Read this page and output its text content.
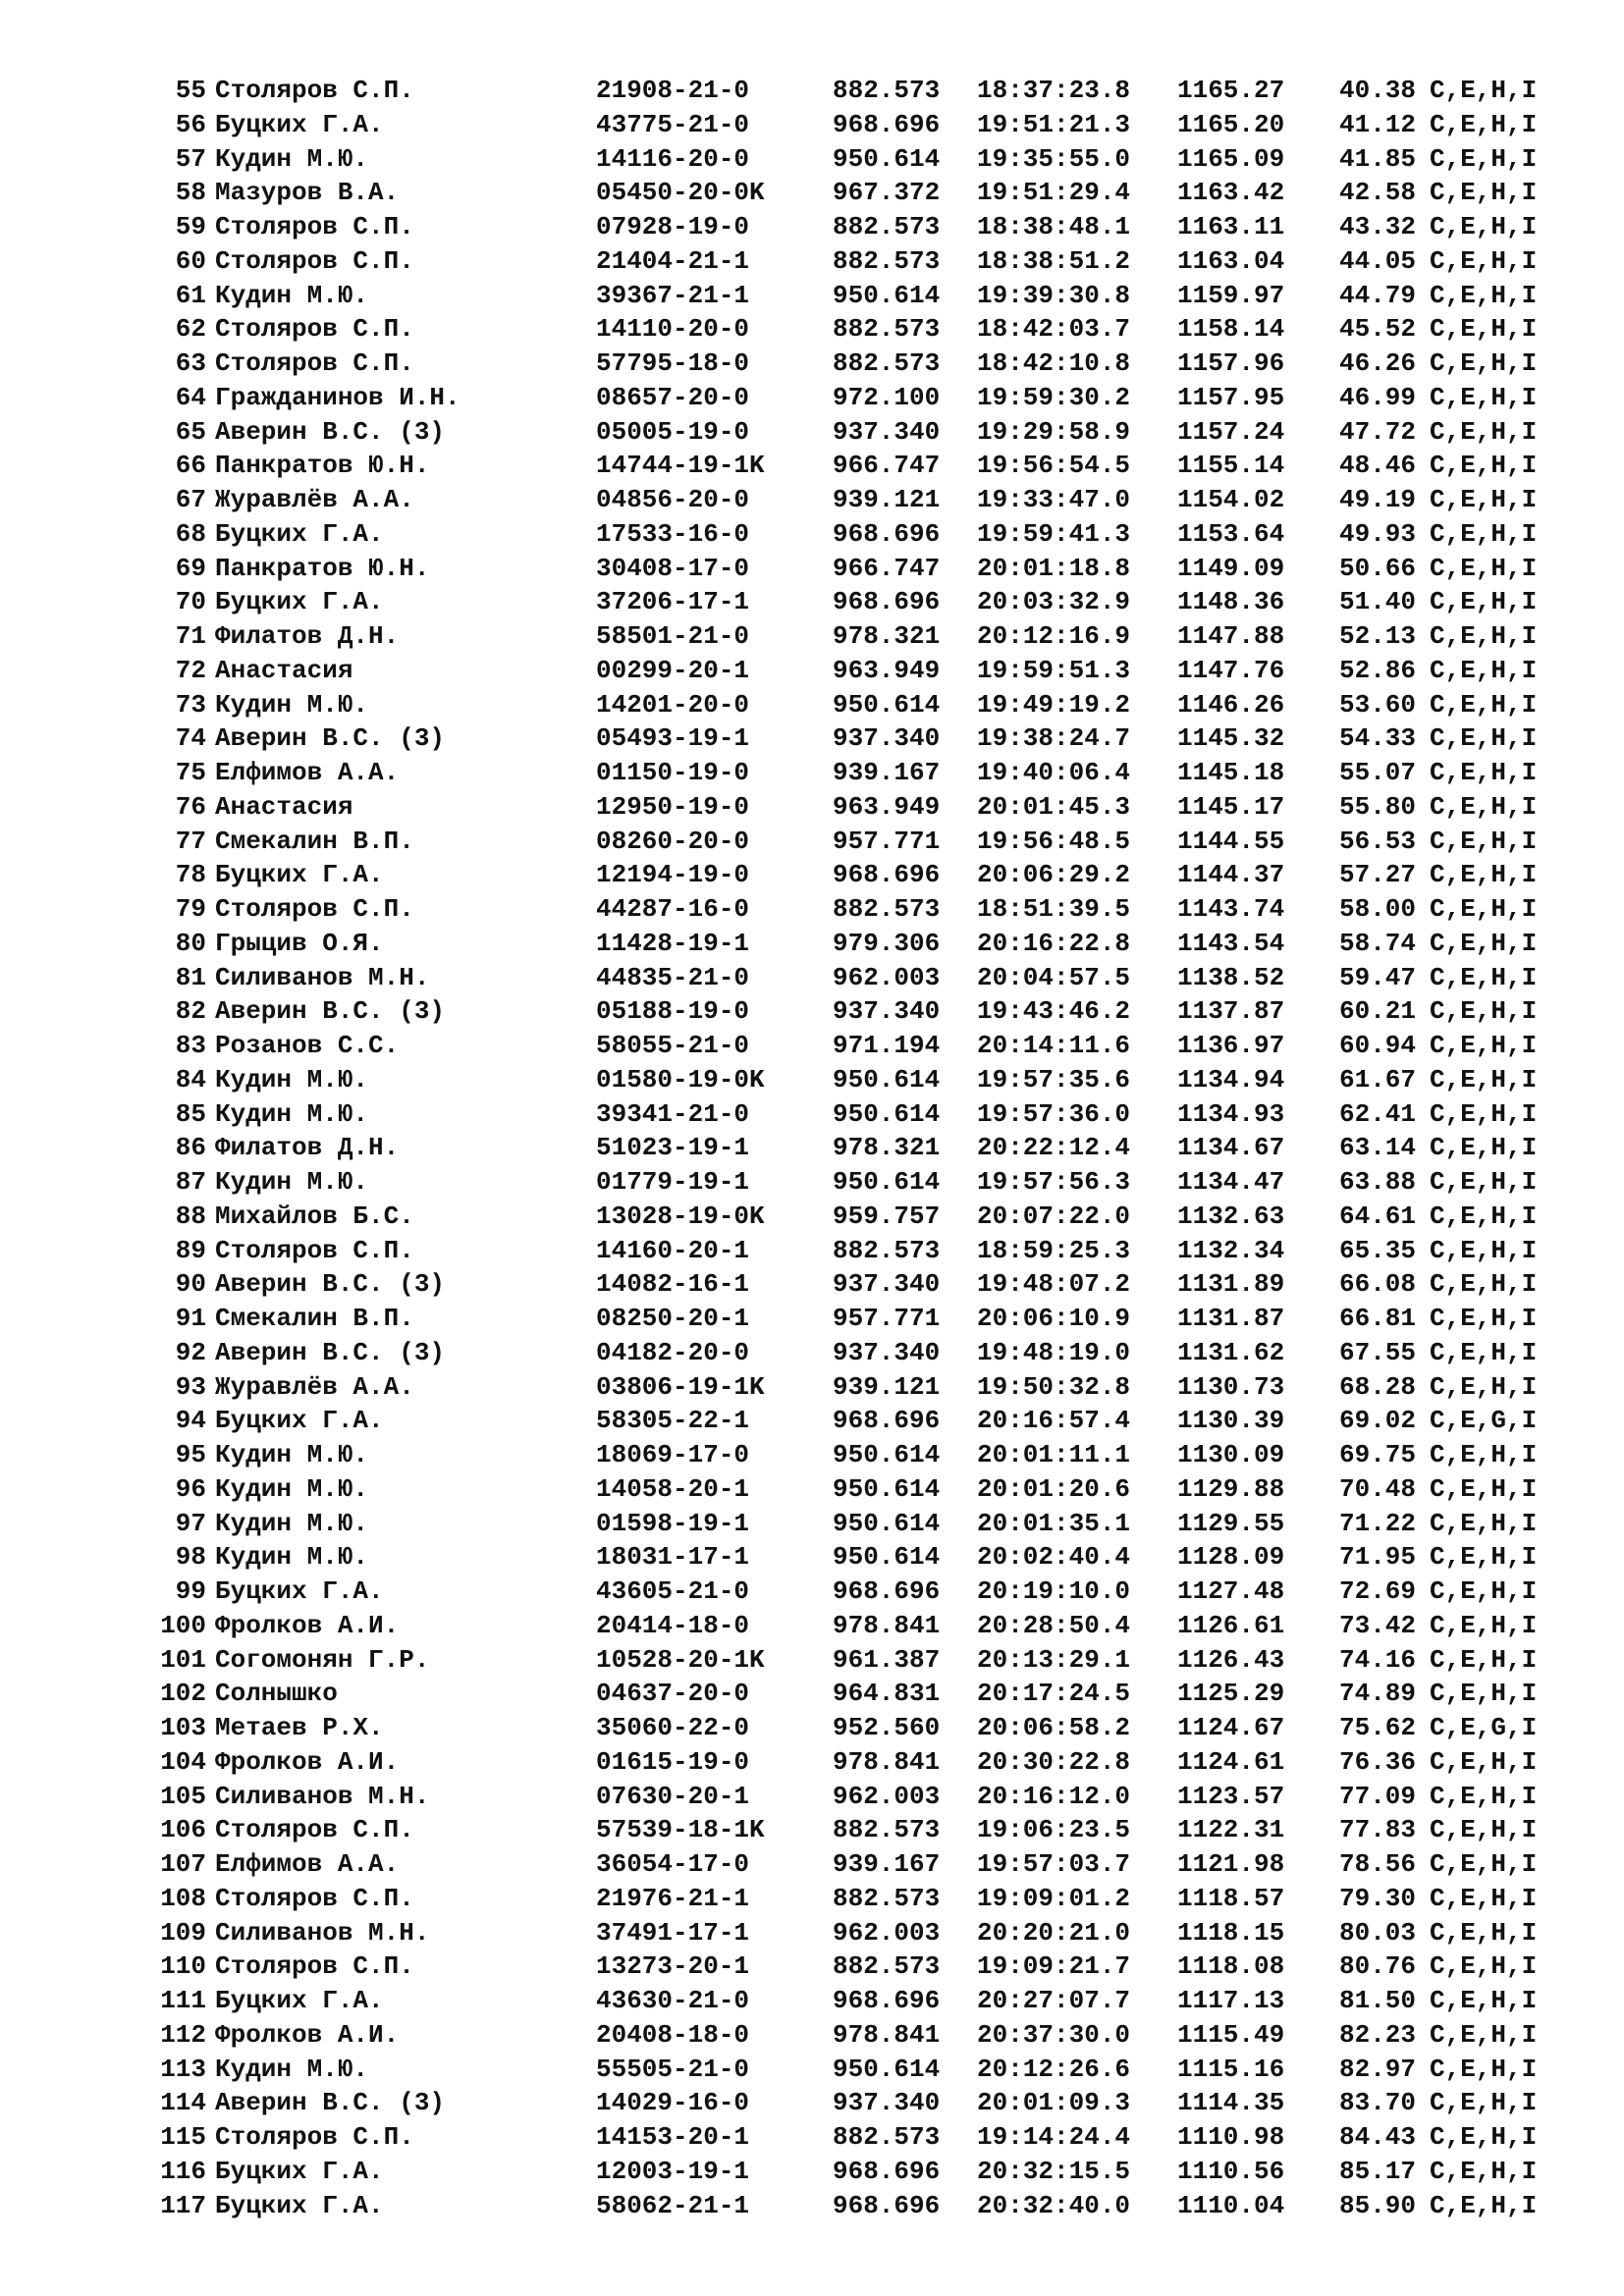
55 Столяров С.П.	21908-21-0	882.573 18:37:23.8 1165.27 40.38 C,E,H,I
56 Буцких Г.А.	43775-21-0	968.696 19:51:21.3 1165.20 41.12 C,E,H,I
57 Кудин М.Ю.	14116-20-0	950.614 19:35:55.0 1165.09 41.85 C,E,H,I
58 Мазуров В.А.	05450-20-0K	967.372 19:51:29.4 1163.42 42.58 C,E,H,I
59 Столяров С.П.	07928-19-0	882.573 18:38:48.1 1163.11 43.32 C,E,H,I
60 Столяров С.П.	21404-21-1	882.573 18:38:51.2 1163.04 44.05 C,E,H,I
61 Кудин М.Ю.	39367-21-1	950.614 19:39:30.8 1159.97 44.79 C,E,H,I
62 Столяров С.П.	14110-20-0	882.573 18:42:03.7 1158.14 45.52 C,E,H,I
63 Столяров С.П.	57795-18-0	882.573 18:42:10.8 1157.96 46.26 C,E,H,I
64 Гражданинов И.Н.	08657-20-0	972.100 19:59:30.2 1157.95 46.99 C,E,H,I
65 Аверин В.С. (3)	05005-19-0	937.340 19:29:58.9 1157.24 47.72 C,E,H,I
66 Панкратов Ю.Н.	14744-19-1K	966.747 19:56:54.5 1155.14 48.46 C,E,H,I
67 Журавлёв А.А.	04856-20-0	939.121 19:33:47.0 1154.02 49.19 C,E,H,I
68 Буцких Г.А.	17533-16-0	968.696 19:59:41.3 1153.64 49.93 C,E,H,I
69 Панкратов Ю.Н.	30408-17-0	966.747 20:01:18.8 1149.09 50.66 C,E,H,I
70 Буцких Г.А.	37206-17-1	968.696 20:03:32.9 1148.36 51.40 C,E,H,I
71 Филатов Д.Н.	58501-21-0	978.321 20:12:16.9 1147.88 52.13 C,E,H,I
72 Анастасия	00299-20-1	963.949 19:59:51.3 1147.76 52.86 C,E,H,I
73 Кудин М.Ю.	14201-20-0	950.614 19:49:19.2 1146.26 53.60 C,E,H,I
74 Аверин В.С. (3)	05493-19-1	937.340 19:38:24.7 1145.32 54.33 C,E,H,I
75 Елфимов А.А.	01150-19-0	939.167 19:40:06.4 1145.18 55.07 C,E,H,I
76 Анастасия	12950-19-0	963.949 20:01:45.3 1145.17 55.80 C,E,H,I
77 Смекалин В.П.	08260-20-0	957.771 19:56:48.5 1144.55 56.53 C,E,H,I
78 Буцких Г.А.	12194-19-0	968.696 20:06:29.2 1144.37 57.27 C,E,H,I
79 Столяров С.П.	44287-16-0	882.573 18:51:39.5 1143.74 58.00 C,E,H,I
80 Грыцив О.Я.	11428-19-1	979.306 20:16:22.8 1143.54 58.74 C,E,H,I
81 Силиванов М.Н.	44835-21-0	962.003 20:04:57.5 1138.52 59.47 C,E,H,I
82 Аверин В.С. (3)	05188-19-0	937.340 19:43:46.2 1137.87 60.21 C,E,H,I
83 Розанов С.С.	58055-21-0	971.194 20:14:11.6 1136.97 60.94 C,E,H,I
84 Кудин М.Ю.	01580-19-0K	950.614 19:57:35.6 1134.94 61.67 C,E,H,I
85 Кудин М.Ю.	39341-21-0	950.614 19:57:36.0 1134.93 62.41 C,E,H,I
86 Филатов Д.Н.	51023-19-1	978.321 20:22:12.4 1134.67 63.14 C,E,H,I
87 Кудин М.Ю.	01779-19-1	950.614 19:57:56.3 1134.47 63.88 C,E,H,I
88 Михайлов Б.С.	13028-19-0K	959.757 20:07:22.0 1132.63 64.61 C,E,H,I
89 Столяров С.П.	14160-20-1	882.573 18:59:25.3 1132.34 65.35 C,E,H,I
90 Аверин В.С. (3)	14082-16-1	937.340 19:48:07.2 1131.89 66.08 C,E,H,I
91 Смекалин В.П.	08250-20-1	957.771 20:06:10.9 1131.87 66.81 C,E,H,I
92 Аверин В.С. (3)	04182-20-0	937.340 19:48:19.0 1131.62 67.55 C,E,H,I
93 Журавлёв А.А.	03806-19-1K	939.121 19:50:32.8 1130.73 68.28 C,E,H,I
94 Буцких Г.А.	58305-22-1	968.696 20:16:57.4 1130.39 69.02 C,E,G,I
95 Кудин М.Ю.	18069-17-0	950.614 20:01:11.1 1130.09 69.75 C,E,H,I
96 Кудин М.Ю.	14058-20-1	950.614 20:01:20.6 1129.88 70.48 C,E,H,I
97 Кудин М.Ю.	01598-19-1	950.614 20:01:35.1 1129.55 71.22 C,E,H,I
98 Кудин М.Ю.	18031-17-1	950.614 20:02:40.4 1128.09 71.95 C,E,H,I
99 Буцких Г.А.	43605-21-0	968.696 20:19:10.0 1127.48 72.69 C,E,H,I
100 Фролков А.И.	20414-18-0	978.841 20:28:50.4 1126.61 73.42 C,E,H,I
101 Согомонян Г.Р.	10528-20-1K	961.387 20:13:29.1 1126.43 74.16 C,E,H,I
102 Солнышко	04637-20-0	964.831 20:17:24.5 1125.29 74.89 C,E,H,I
103 Метаев Р.Х.	35060-22-0	952.560 20:06:58.2 1124.67 75.62 C,E,G,I
104 Фролков А.И.	01615-19-0	978.841 20:30:22.8 1124.61 76.36 C,E,H,I
105 Силиванов М.Н.	07630-20-1	962.003 20:16:12.0 1123.57 77.09 C,E,H,I
106 Столяров С.П.	57539-18-1K	882.573 19:06:23.5 1122.31 77.83 C,E,H,I
107 Елфимов А.А.	36054-17-0	939.167 19:57:03.7 1121.98 78.56 C,E,H,I
108 Столяров С.П.	21976-21-1	882.573 19:09:01.2 1118.57 79.30 C,E,H,I
109 Силиванов М.Н.	37491-17-1	962.003 20:20:21.0 1118.15 80.03 C,E,H,I
110 Столяров С.П.	13273-20-1	882.573 19:09:21.7 1118.08 80.76 C,E,H,I
111 Буцких Г.А.	43630-21-0	968.696 20:27:07.7 1117.13 81.50 C,E,H,I
112 Фролков А.И.	20408-18-0	978.841 20:37:30.0 1115.49 82.23 C,E,H,I
113 Кудин М.Ю.	55505-21-0	950.614 20:12:26.6 1115.16 82.97 C,E,H,I
114 Аверин В.С. (3)	14029-16-0	937.340 20:01:09.3 1114.35 83.70 C,E,H,I
115 Столяров С.П.	14153-20-1	882.573 19:14:24.4 1110.98 84.43 C,E,H,I
116 Буцких Г.А.	12003-19-1	968.696 20:32:15.5 1110.56 85.17 C,E,H,I
117 Буцких Г.А.	58062-21-1	968.696 20:32:40.0 1110.04 85.90 C,E,H,I
